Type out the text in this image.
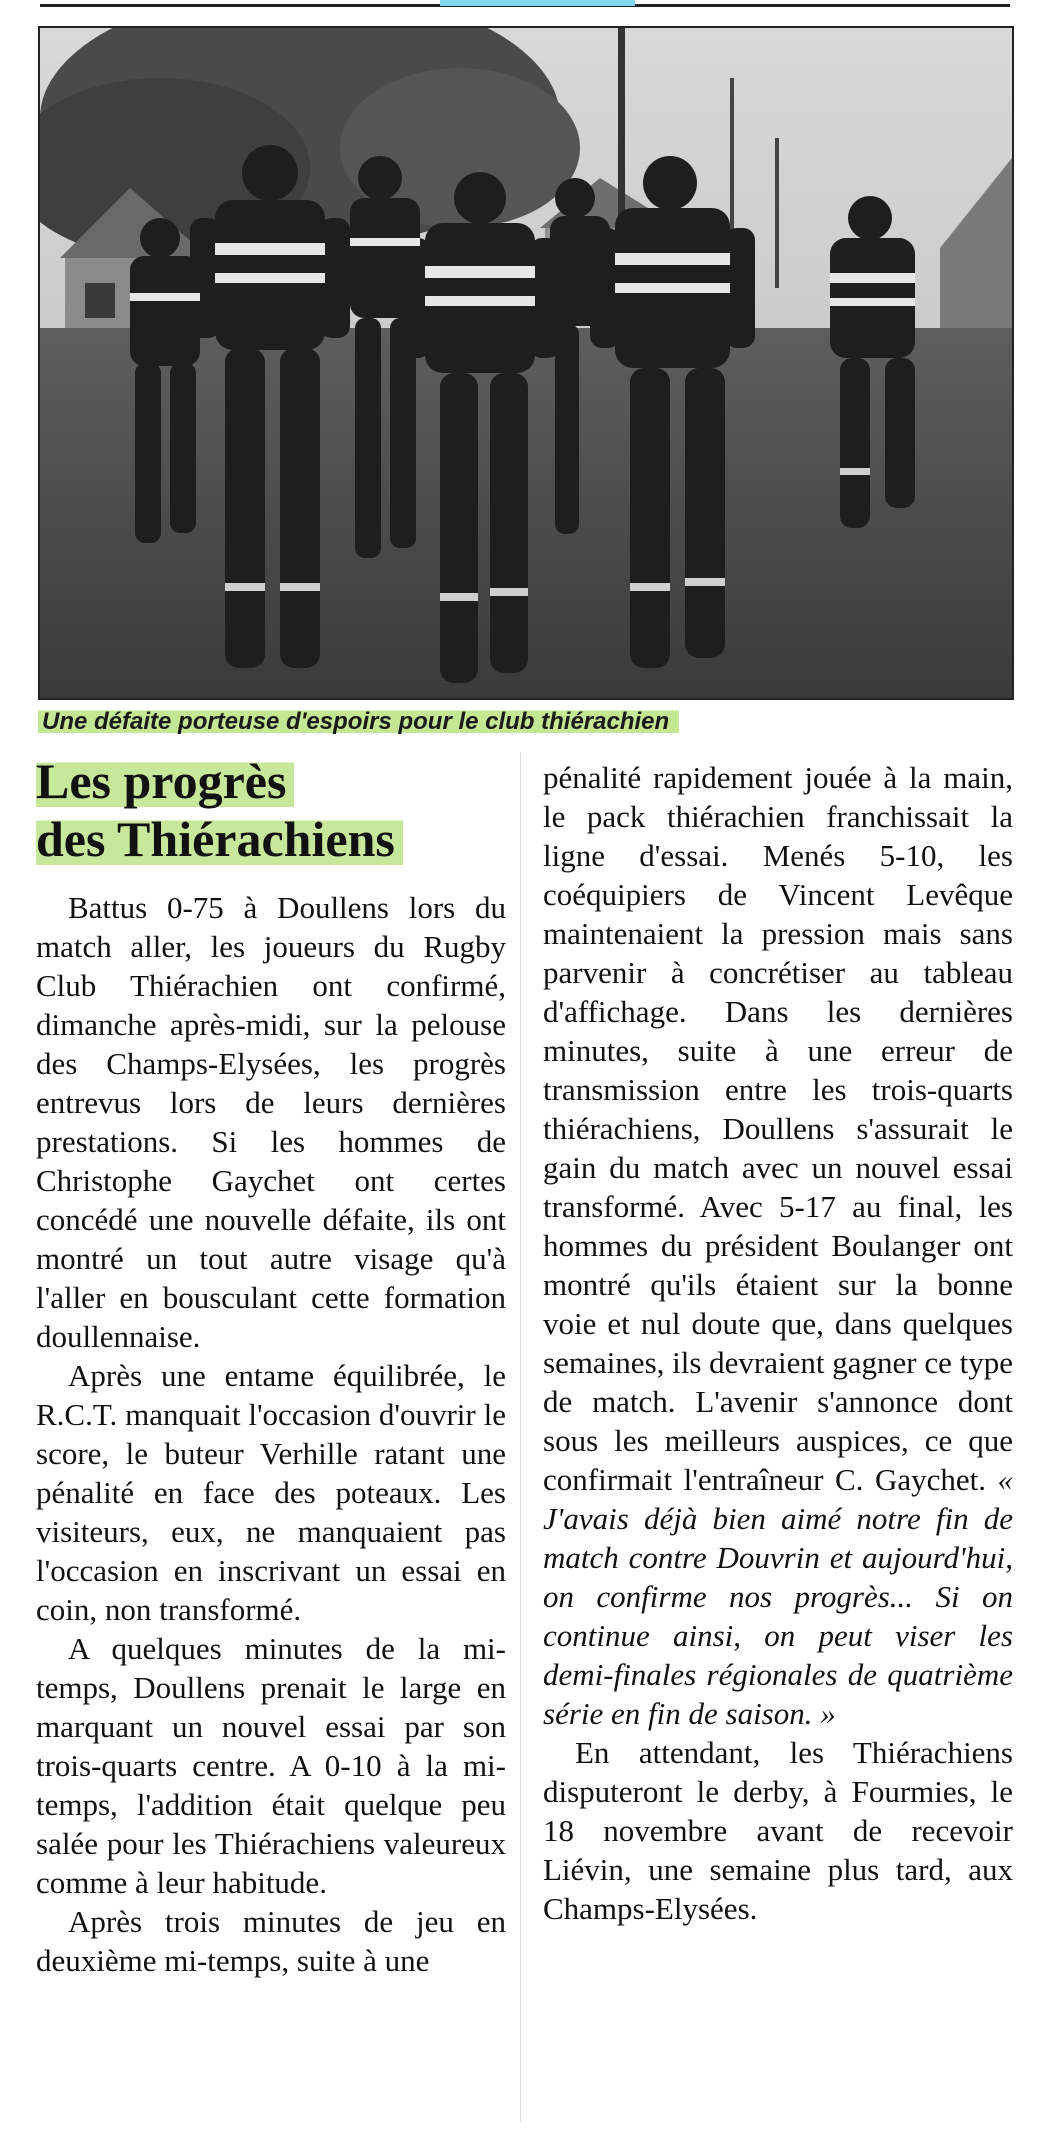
Une défaite porteuse d'espoirs pour le club thiérachien
Les progrès
des Thiérachiens

Battus 0-75 à Doullens lors du match aller, les joueurs du Rugby Club Thiérachien ont confirmé, dimanche après-midi, sur la pelouse des Champs-Elysées, les progrès entrevus lors de leurs dernières prestations. Si les hommes de Christophe Gaychet ont certes concédé une nouvelle défaite, ils ont montré un tout autre visage qu'à l'aller en bousculant cette formation doullennaise.

Après une entame équilibrée, le R.C.T. manquait l'occasion d'ouvrir le score, le buteur Verhille ratant une pénalité en face des poteaux. Les visiteurs, eux, ne manquaient pas l'occasion en inscrivant un essai en coin, non transformé.

A quelques minutes de la mi-temps, Doullens prenait le large en marquant un nouvel essai par son trois-quarts centre. A 0-10 à la mi-temps, l'addition était quelque peu salée pour les Thiérachiens valeureux comme à leur habitude.

Après trois minutes de jeu en deuxième mi-temps, suite à une

pénalité rapidement jouée à la main, le pack thiérachien franchissait la ligne d'essai. Menés 5-10, les coéquipiers de Vincent Levêque maintenaient la pression mais sans parvenir à concrétiser au tableau d'affichage. Dans les dernières minutes, suite à une erreur de transmission entre les trois-quarts thiérachiens, Doullens s'assurait le gain du match avec un nouvel essai transformé. Avec 5-17 au final, les hommes du président Boulanger ont montré qu'ils étaient sur la bonne voie et nul doute que, dans quelques semaines, ils devraient gagner ce type de match. L'avenir s'annonce dont sous les meilleurs auspices, ce que confirmait l'entraîneur C. Gaychet. « J'avais déjà bien aimé notre fin de match contre Douvrin et aujourd'hui, on confirme nos progrès... Si on continue ainsi, on peut viser les demi-finales régionales de quatrième série en fin de saison. »

En attendant, les Thiérachiens disputeront le derby, à Fourmies, le 18 novembre avant de recevoir Liévin, une semaine plus tard, aux Champs-Elysées.
